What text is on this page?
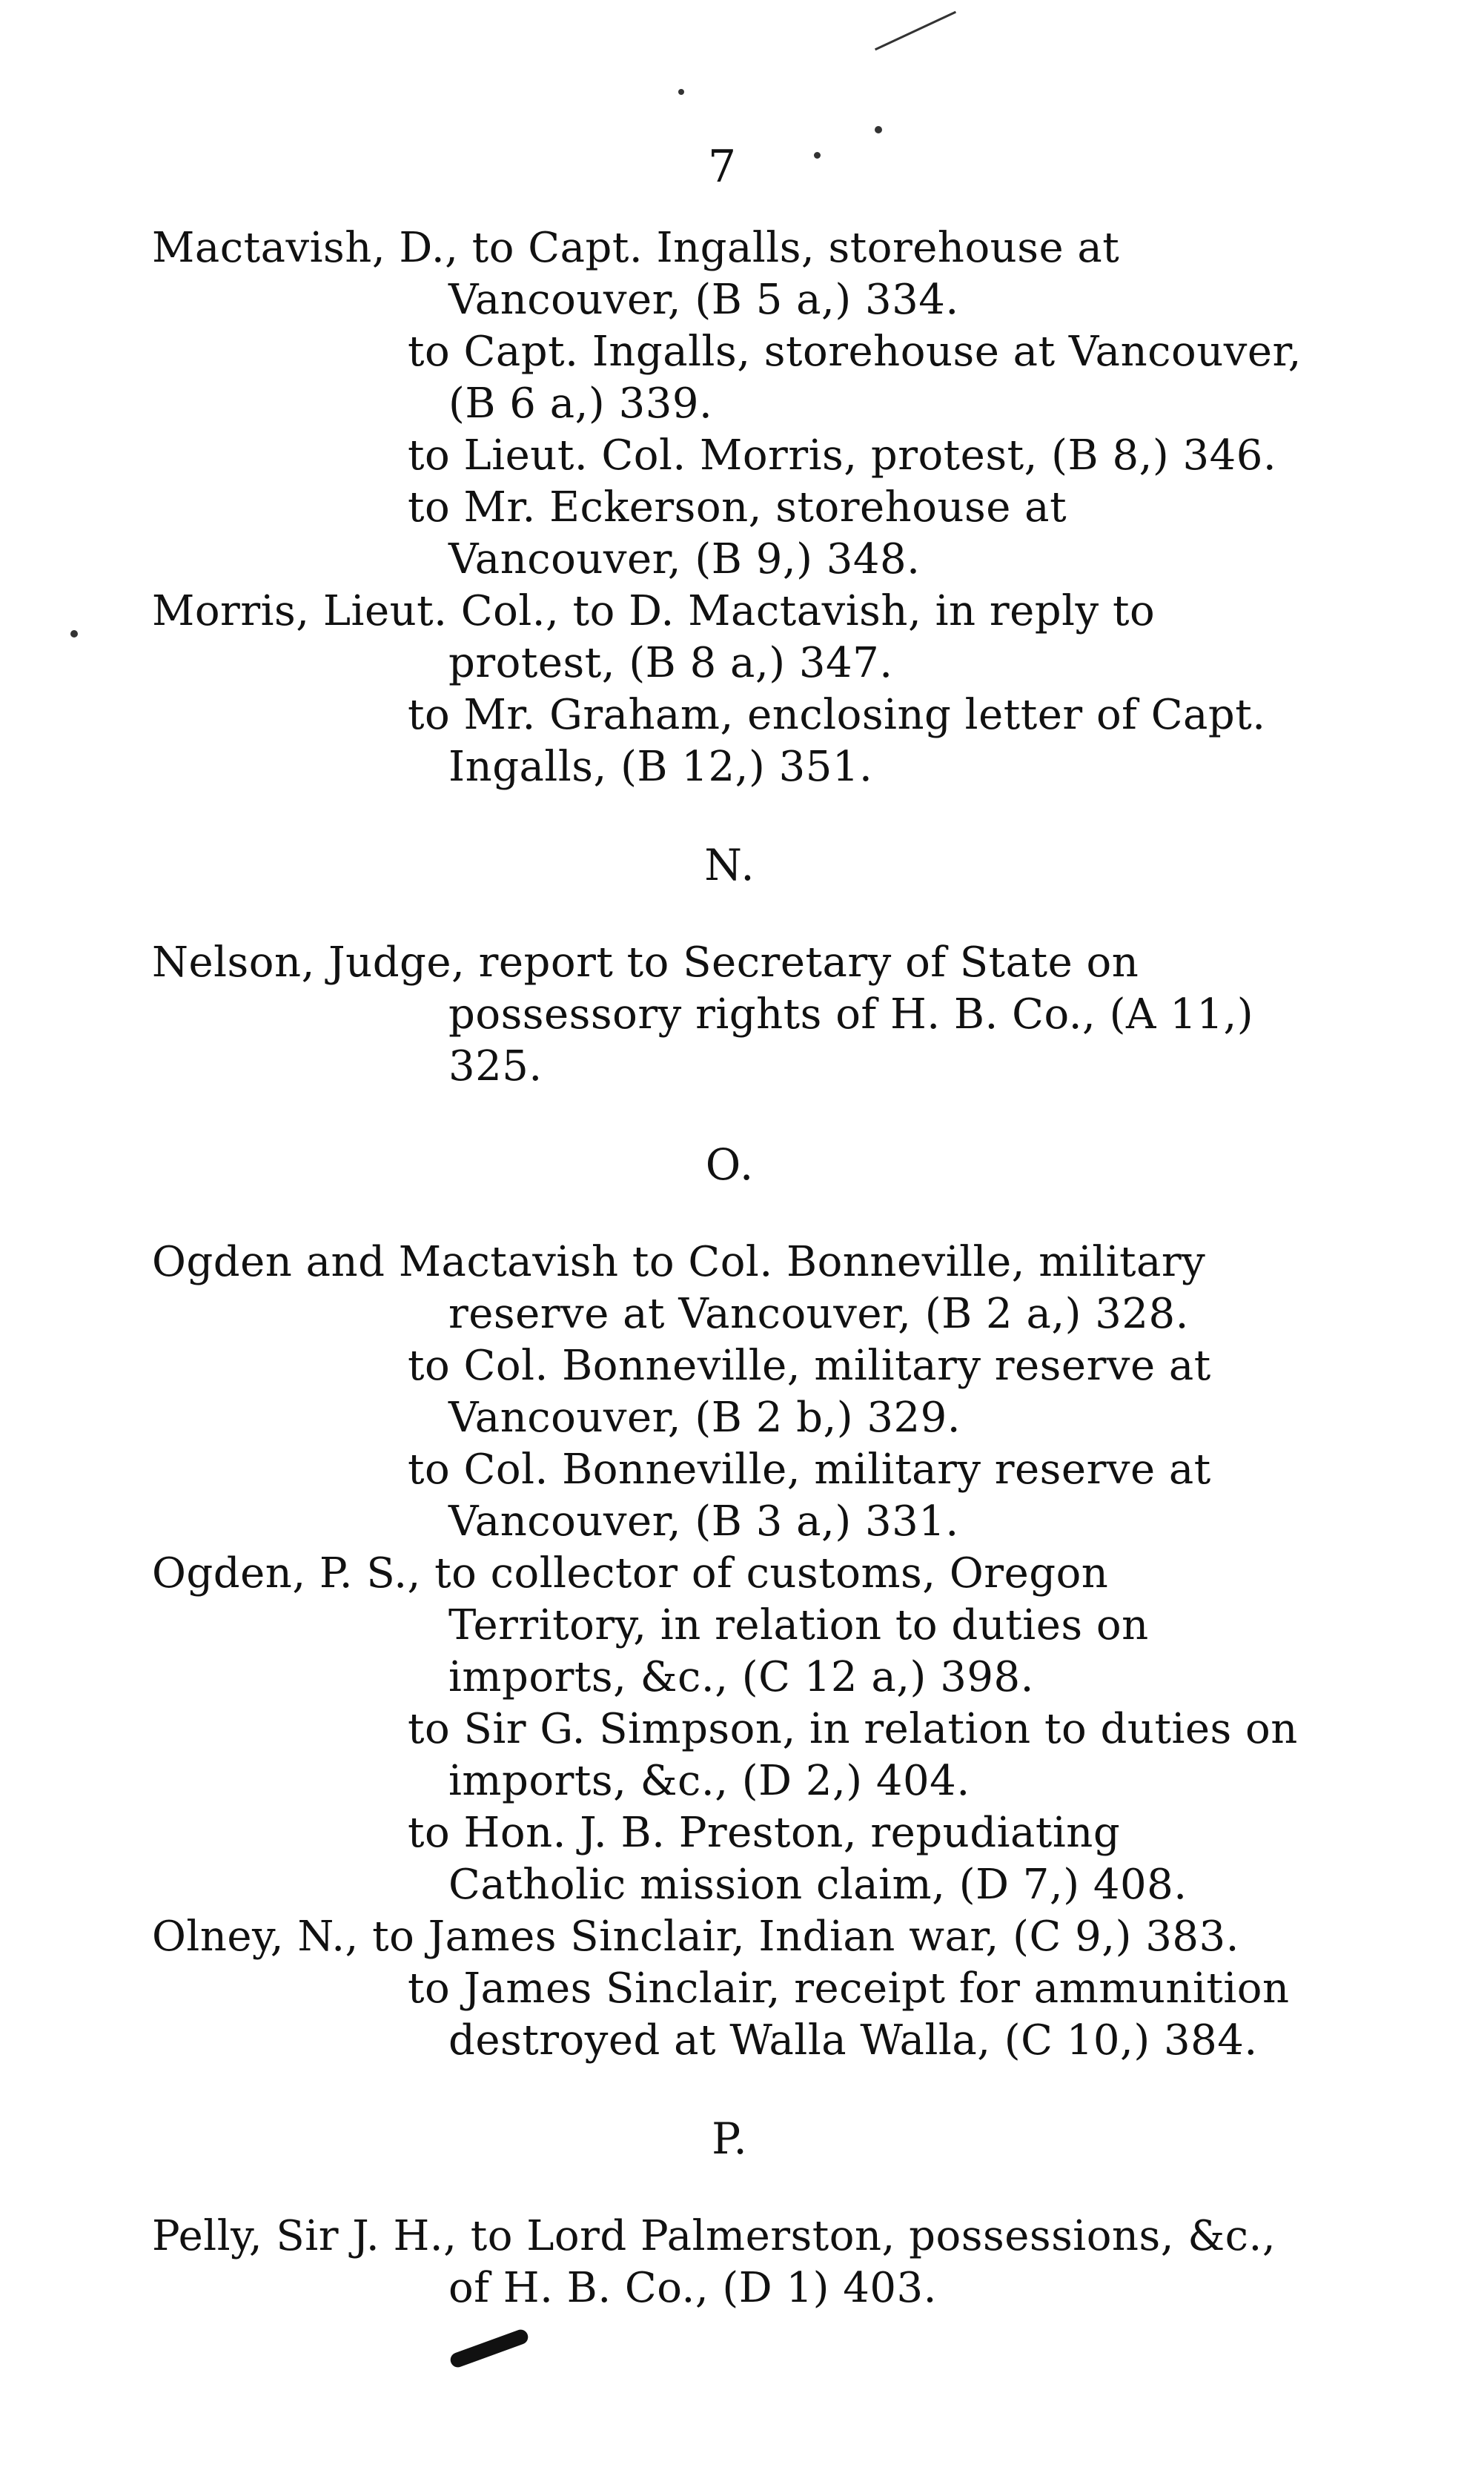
7

Mactavish, D., to Capt. Ingalls, storehouse at Vancouver, (B 5 a,) 334.

to Capt. Ingalls, storehouse at Vancouver, (B 6 a,) 339.

to Lieut. Col. Morris, protest, (B 8,) 346.

to Mr. Eckerson, storehouse at Vancouver, (B 9,) 348.

Morris, Lieut. Col., to D. Mactavish, in reply to protest, (B 8 a,) 347.

to Mr. Graham, enclosing letter of Capt. Ingalls, (B 12,) 351.

N.

Nelson, Judge, report to Secretary of State on possessory rights of H. B. Co., (A 11,) 325.

O.

Ogden and Mactavish to Col. Bonneville, military reserve at Vancouver, (B 2 a,) 328.

to Col. Bonneville, military reserve at Vancouver, (B 2 b,) 329.

to Col. Bonneville, military reserve at Vancouver, (B 3 a,) 331.

Ogden, P. S., to collector of customs, Oregon Territory, in relation to duties on imports, &c., (C 12 a,) 398.

to Sir G. Simpson, in relation to duties on imports, &c., (D 2,) 404.

to Hon. J. B. Preston, repudiating Catholic mission claim, (D 7,) 408.

Olney, N., to James Sinclair, Indian war, (C 9,) 383.

to James Sinclair, receipt for ammunition destroyed at Walla Walla, (C 10,) 384.

P.

Pelly, Sir J. H., to Lord Palmerston, possessions, &c., of H. B. Co., (D 1) 403.
